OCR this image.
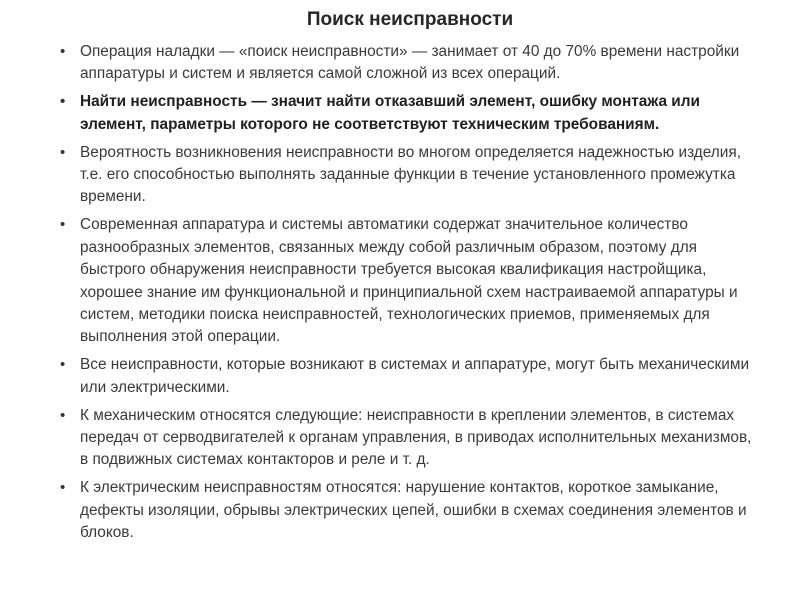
Поиск неисправности
• Операция наладки — «поиск неисправности» — занимает от 40 до 70% времени настройки аппаратуры и систем и является самой сложной из всех операций.
• Найти неисправность — значит найти отказавший элемент, ошибку монтажа или элемент, параметры которого не соответствуют техническим требованиям.
• Вероятность возникновения неисправности во многом определяется надежностью изделия, т.е. его способностью выполнять заданные функции в течение установленного промежутка времени.
• Современная аппаратура и системы автоматики содержат значительное количество разнообразных элементов, связанных между собой различным образом, поэтому для быстрого обнаружения неисправности требуется высокая квалификация настройщика, хорошее знание им функциональной и принципиальной схем настраиваемой аппаратуры и систем, методики поиска неисправностей, технологических приемов, применяемых для выполнения этой операции.
• Все неисправности, которые возникают в системах и аппаратуре, могут быть механическими или электрическими.
• К механическим относятся следующие: неисправности в креплении элементов, в системах передач от серводвигателей к органам управления, в приводах исполнительных механизмов, в подвижных системах контакторов и реле и т. д.
• К электрическим неисправностям относятся: нарушение контактов, короткое замыкание, дефекты изоляции, обрывы электрических цепей, ошибки в схемах соединения элементов и блоков.
